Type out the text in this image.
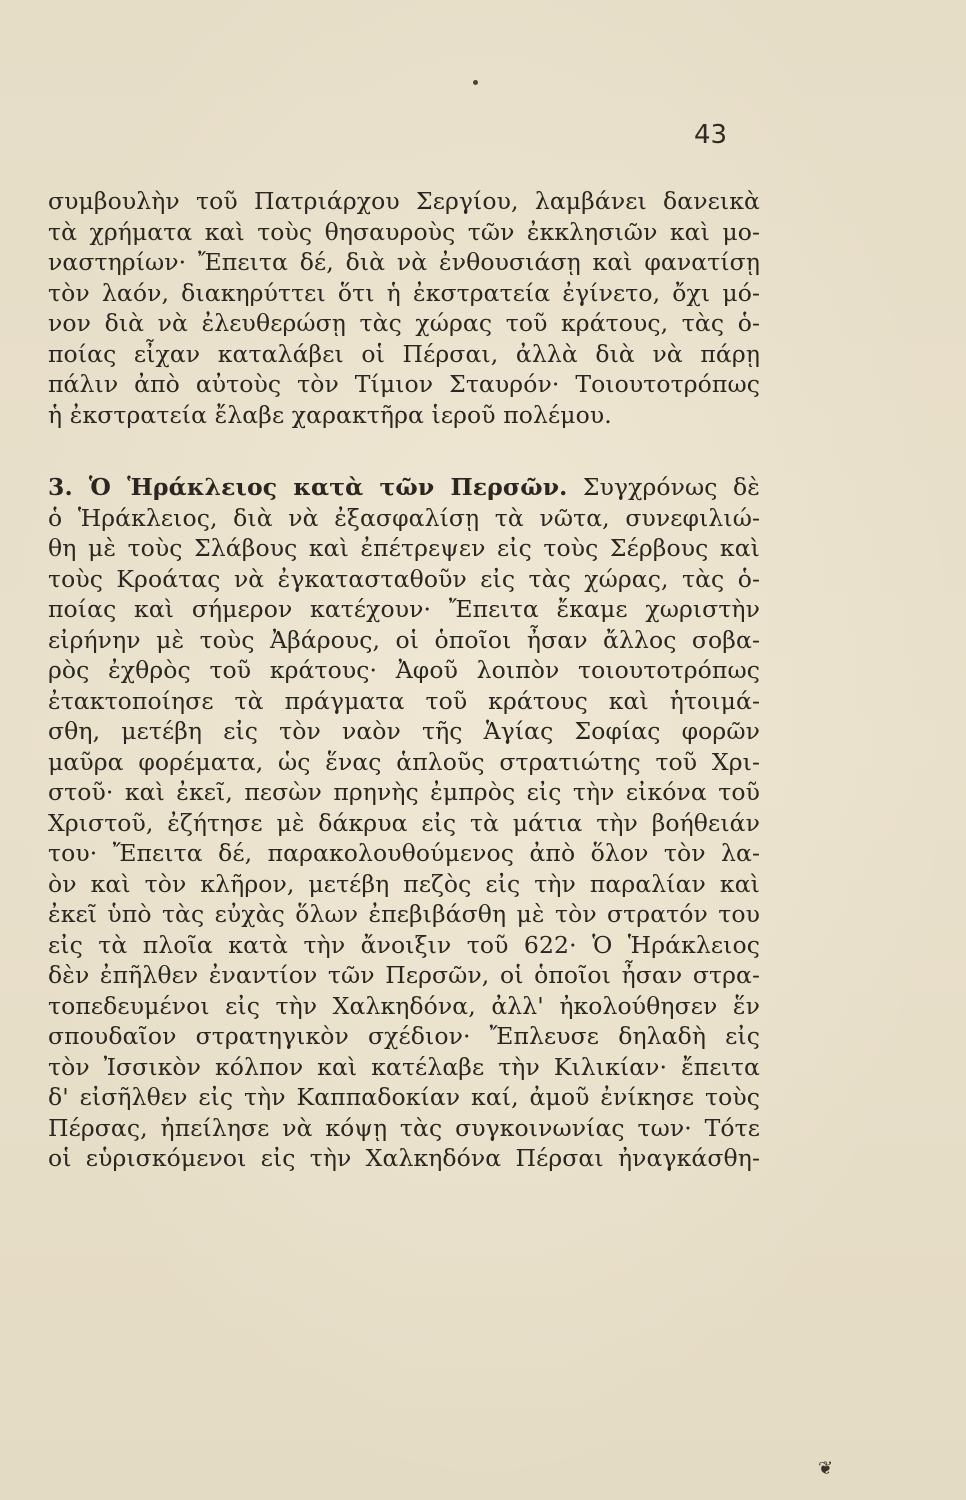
43
συμβουλὴν τοῦ Πατριάρχου Σεργίου, λαμβάνει δανεικὰ
τὰ χρήματα καὶ τοὺς θησαυροὺς τῶν ἐκκλησιῶν καὶ μο-
ναστηρίων· Ἔπειτα δέ, διὰ νὰ ἐνθουσιάσῃ καὶ φανατίσῃ
τὸν λαόν, διακηρύττει ὅτι ἡ ἐκστρατεία ἐγίνετο, ὄχι μό-
νον διὰ νὰ ἐλευθερώσῃ τὰς χώρας τοῦ κράτους, τὰς ὁ-
ποίας εἶχαν καταλάβει οἱ Πέρσαι, ἀλλὰ διὰ νὰ πάρῃ
πάλιν ἀπὸ αὐτοὺς τὸν Τίμιον Σταυρόν· Τοιουτοτρόπως
ἡ ἐκστρατεία ἔλαβε χαρακτῆρα ἱεροῦ πολέμου.
3. Ὁ Ἡράκλειος κατὰ τῶν Περσῶν. Συγχρόνως δὲ
ὁ Ἡράκλειος, διὰ νὰ ἐξασφαλίσῃ τὰ νῶτα, συνεφιλιώ-
θη μὲ τοὺς Σλάβους καὶ ἐπέτρεψεν εἰς τοὺς Σέρβους καὶ
τοὺς Κροάτας νὰ ἐγκατασταθοῦν εἰς τὰς χώρας, τὰς ὁ-
ποίας καὶ σήμερον κατέχουν· Ἔπειτα ἔκαμε χωριστὴν
εἰρήνην μὲ τοὺς Ἀβάρους, οἱ ὁποῖοι ἦσαν ἄλλος σοβα-
ρὸς ἐχθρὸς τοῦ κράτους· Ἀφοῦ λοιπὸν τοιουτοτρόπως
ἐτακτοποίησε τὰ πράγματα τοῦ κράτους καὶ ἡτοιμά-
σθη, μετέβη εἰς τὸν ναὸν τῆς Ἁγίας Σοφίας φορῶν
μαῦρα φορέματα, ὡς ἕνας ἁπλοῦς στρατιώτης τοῦ Χρι-
στοῦ· καὶ ἐκεῖ, πεσὼν πρηνὴς ἐμπρὸς εἰς τὴν εἰκόνα τοῦ
Χριστοῦ, ἐζήτησε μὲ δάκρυα εἰς τὰ μάτια τὴν βοήθειάν
του· Ἔπειτα δέ, παρακολουθούμενος ἀπὸ ὅλον τὸν λα-
ὸν καὶ τὸν κλῆρον, μετέβη πεζὸς εἰς τὴν παραλίαν καὶ
ἐκεῖ ὑπὸ τὰς εὐχὰς ὅλων ἐπεβιβάσθη μὲ τὸν στρατόν του
εἰς τὰ πλοῖα κατὰ τὴν ἄνοιξιν τοῦ 622· Ὁ Ἡράκλειος
δὲν ἐπῆλθεν ἐναντίον τῶν Περσῶν, οἱ ὁποῖοι ἦσαν στρα-
τοπεδευμένοι εἰς τὴν Χαλκηδόνα, ἀλλ' ἠκολούθησεν ἕν
σπουδαῖον στρατηγικὸν σχέδιον· Ἔπλευσε δηλαδὴ εἰς
τὸν Ἰσσικὸν κόλπον καὶ κατέλαβε τὴν Κιλικίαν· ἔπειτα
δ' εἰσῆλθεν εἰς τὴν Καππαδοκίαν καί, ἀμοῦ ἐνίκησε τοὺς
Πέρσας, ἠπείλησε νὰ κόψῃ τὰς συγκοινωνίας των· Τότε
οἱ εὑρισκόμενοι εἰς τὴν Χαλκηδόνα Πέρσαι ἠναγκάσθη-
❦
